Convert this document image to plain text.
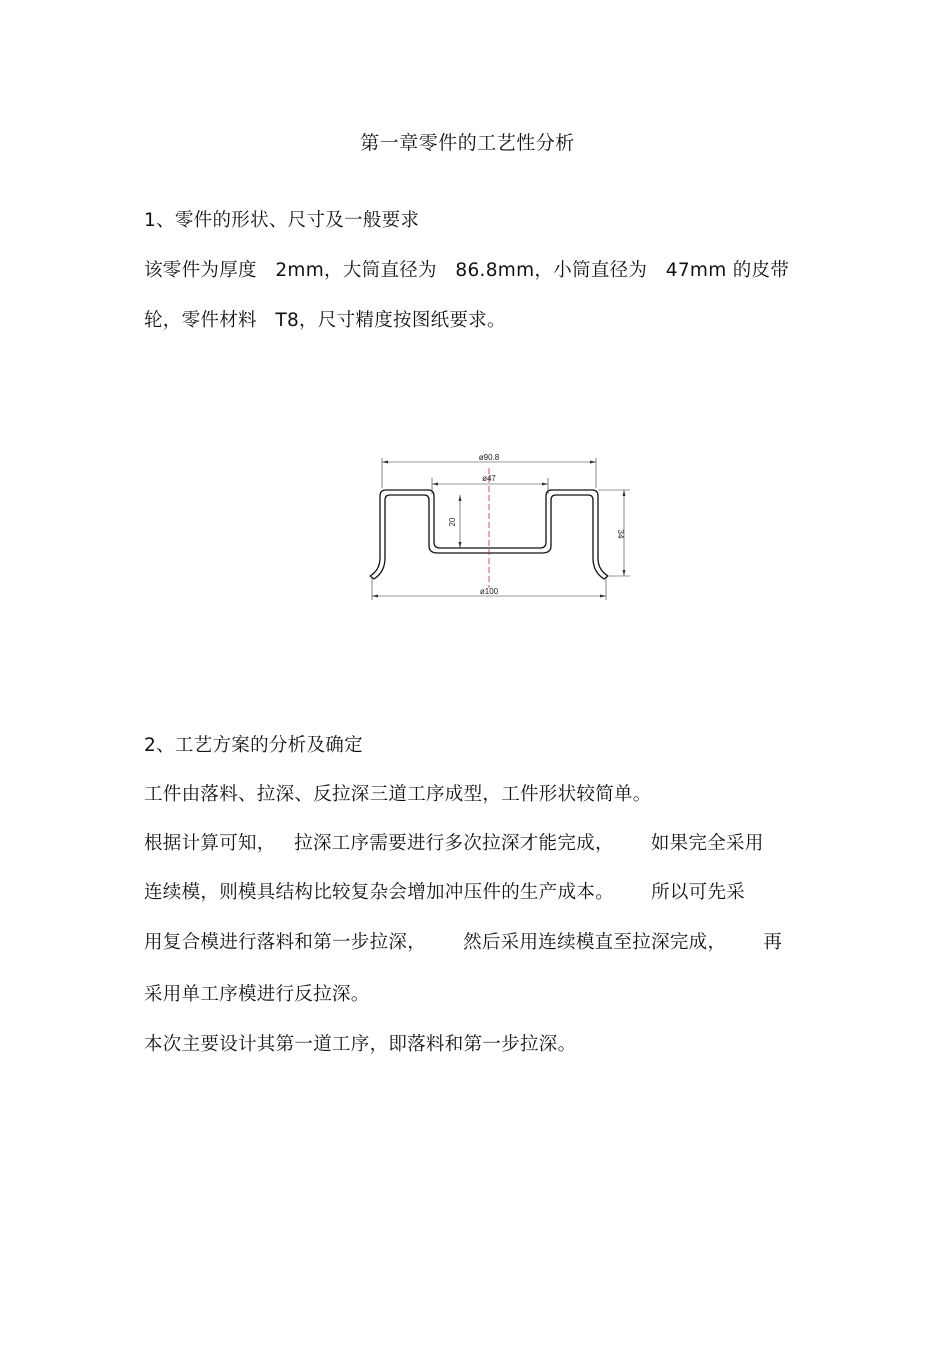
第一章零件的工艺性分析

1、零件的形状、尺寸及一般要求

该零件为厚度   2mm，大筒直径为   86.8mm，小筒直径为   47mm 的皮带

轮，零件材料   T8，尺寸精度按图纸要求。

ø90.8
ø47
20
34
ø100

2、工艺方案的分析及确定

工件由落料、拉深、反拉深三道工序成型，工件形状较简单。

根据计算可知，   拉深工序需要进行多次拉深才能完成，      如果完全采用

连续模，则模具结构比较复杂会增加冲压件的生产成本。      所以可先采

用复合模进行落料和第一步拉深，      然后采用连续模直至拉深完成，      再

采用单工序模进行反拉深。

本次主要设计其第一道工序，即落料和第一步拉深。
